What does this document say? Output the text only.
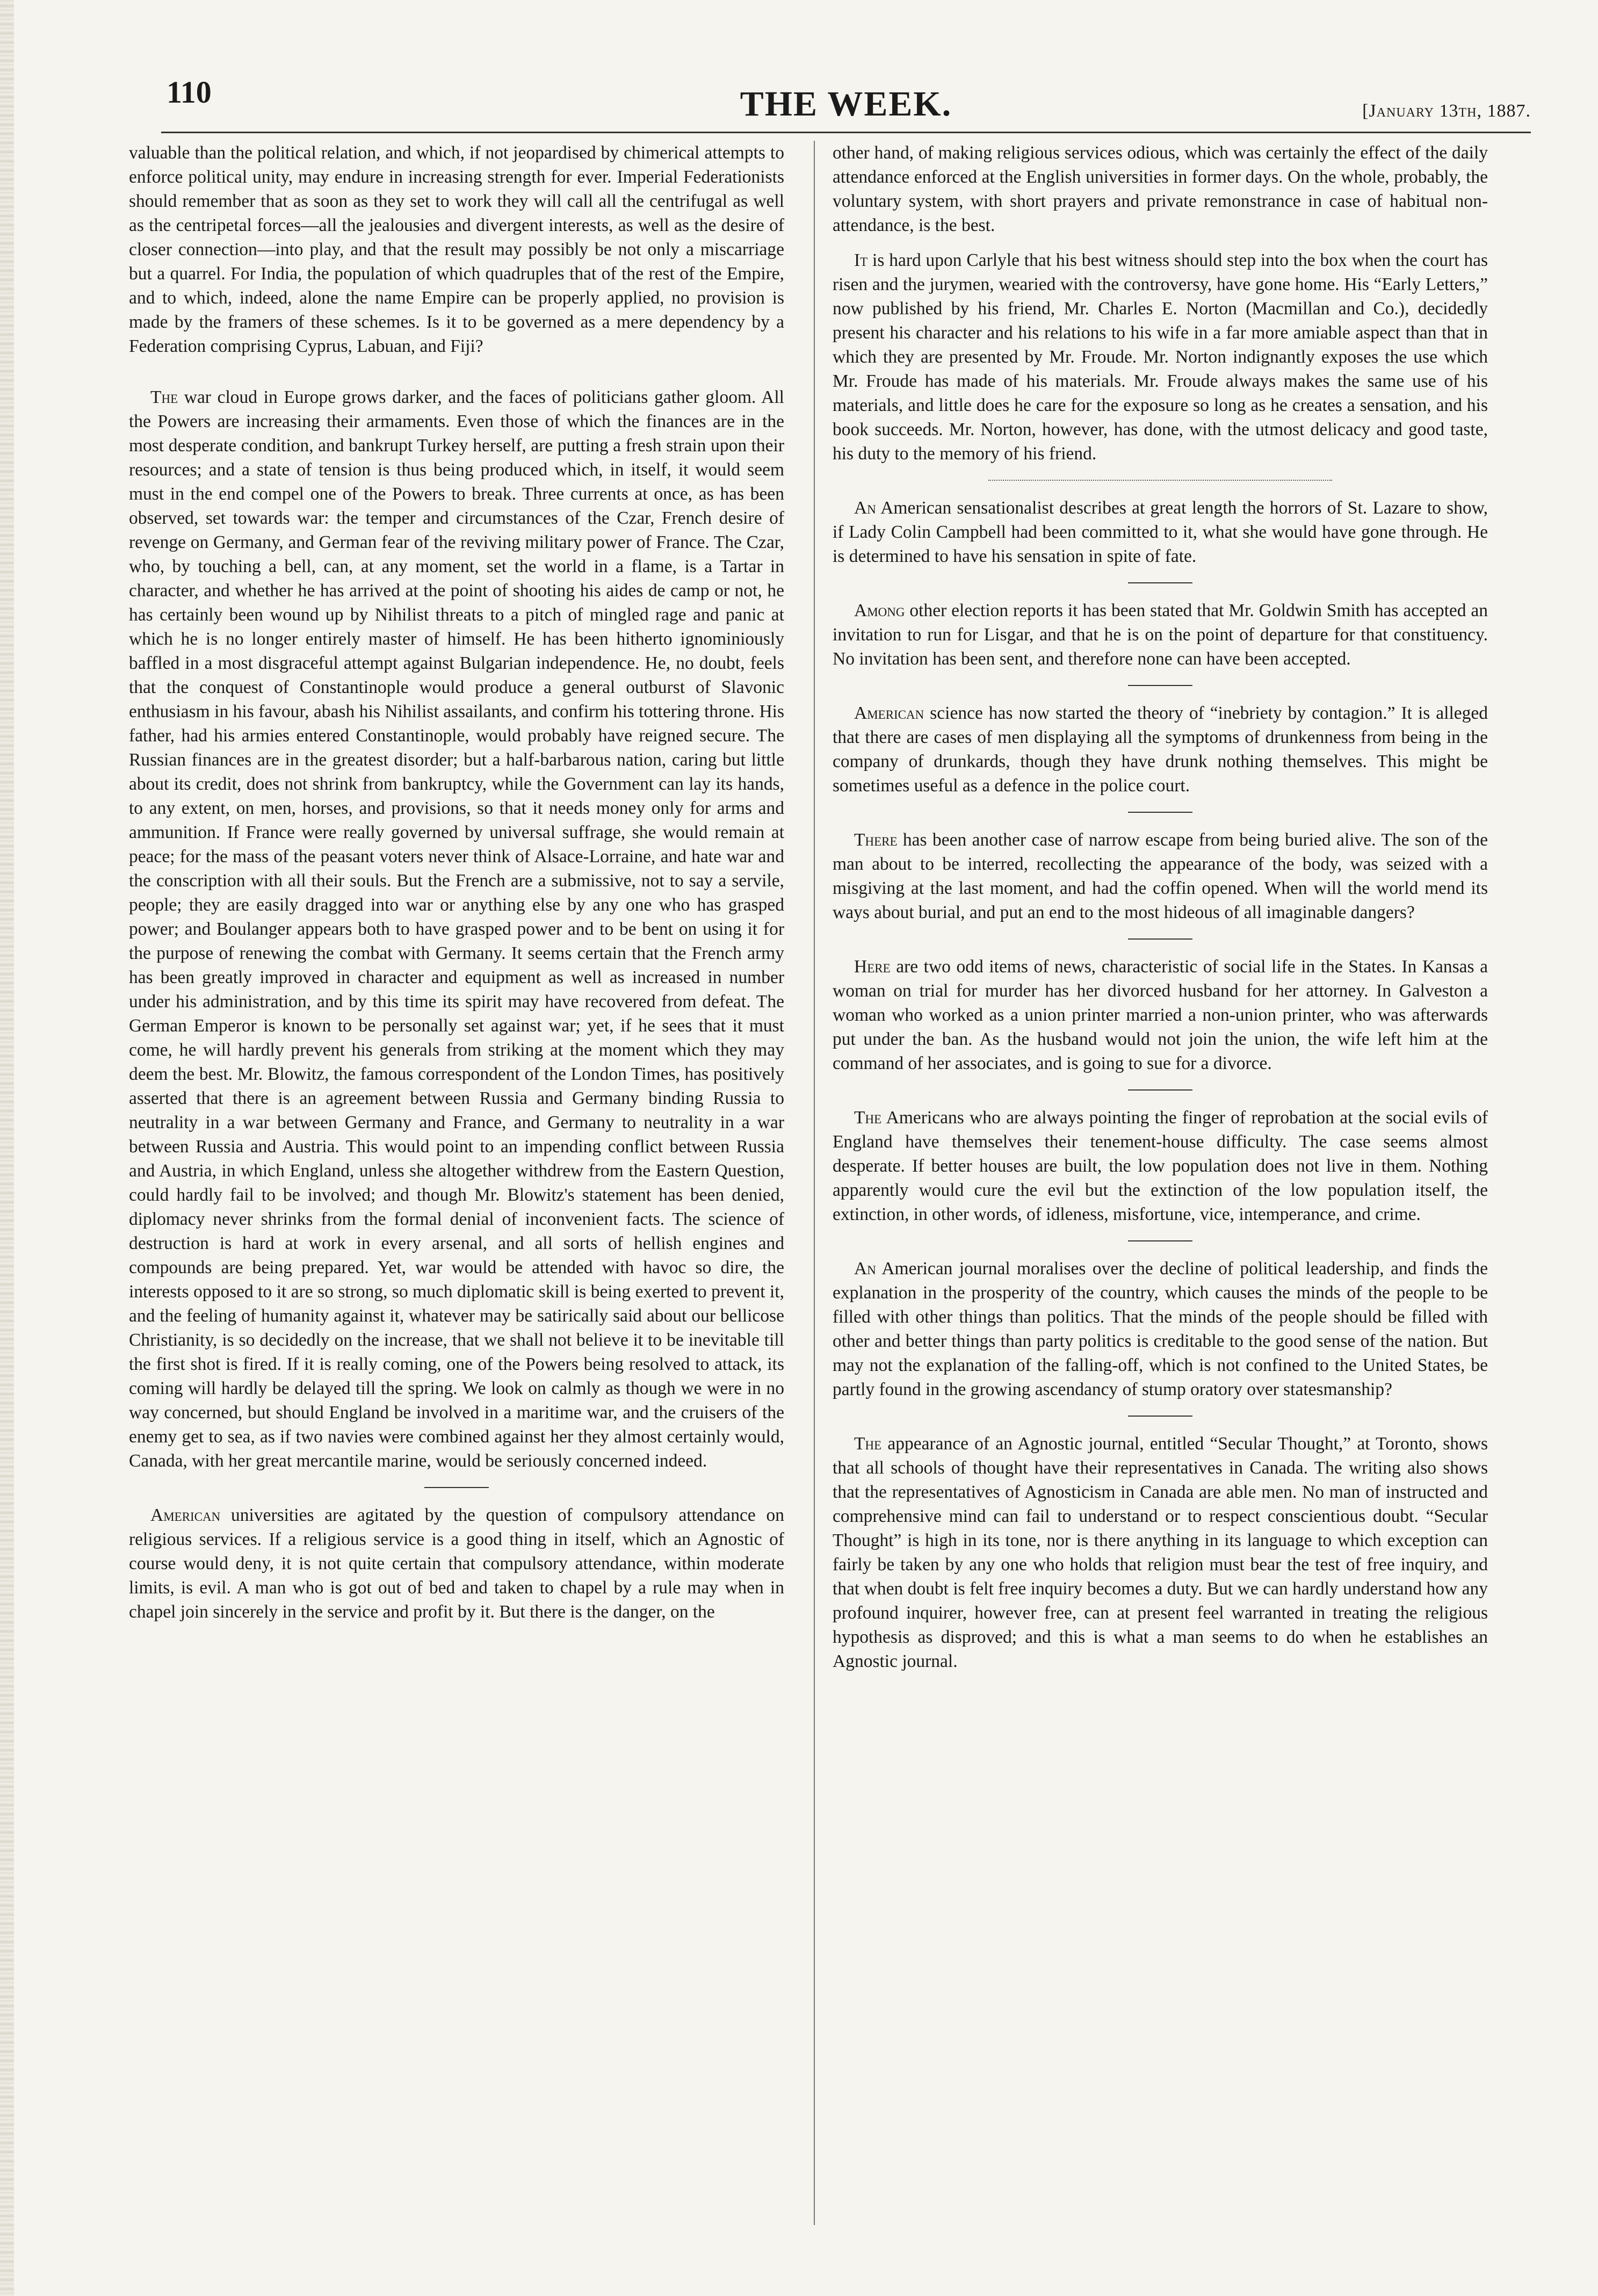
110	THE WEEK.	[January 13th, 1887.

valuable than the political relation, and which, if not jeopardised by chimerical attempts to enforce political unity, may endure in increasing strength for ever. Imperial Federationists should remember that as soon as they set to work they will call all the centrifugal as well as the centripetal forces—all the jealousies and divergent interests, as well as the desire of closer connection—into play, and that the result may possibly be not only a miscarriage but a quarrel. For India, the population of which quadruples that of the rest of the Empire, and to which, indeed, alone the name Empire can be properly applied, no provision is made by the framers of these schemes. Is it to be governed as a mere dependency by a Federation comprising Cyprus, Labuan, and Fiji?

The war cloud in Europe grows darker, and the faces of politicians gather gloom. All the Powers are increasing their armaments. Even those of which the finances are in the most desperate condition, and bankrupt Turkey herself, are putting a fresh strain upon their resources; and a state of tension is thus being produced which, in itself, it would seem must in the end compel one of the Powers to break. Three currents at once, as has been observed, set towards war: the temper and circumstances of the Czar, French desire of revenge on Germany, and German fear of the reviving military power of France. The Czar, who, by touching a bell, can, at any moment, set the world in a flame, is a Tartar in character, and whether he has arrived at the point of shooting his aides de camp or not, he has certainly been wound up by Nihilist threats to a pitch of mingled rage and panic at which he is no longer entirely master of himself. He has been hitherto ignominiously baffled in a most disgraceful attempt against Bulgarian independence. He, no doubt, feels that the conquest of Constantinople would produce a general outburst of Slavonic enthusiasm in his favour, abash his Nihilist assailants, and confirm his tottering throne. His father, had his armies entered Constantinople, would probably have reigned secure. The Russian finances are in the greatest disorder; but a half-barbarous nation, caring but little about its credit, does not shrink from bankruptcy, while the Government can lay its hands, to any extent, on men, horses, and provisions, so that it needs money only for arms and ammunition. If France were really governed by universal suffrage, she would remain at peace; for the mass of the peasant voters never think of Alsace-Lorraine, and hate war and the conscription with all their souls. But the French are a submissive, not to say a servile, people; they are easily dragged into war or anything else by any one who has grasped power; and Boulanger appears both to have grasped power and to be bent on using it for the purpose of renewing the combat with Germany. It seems certain that the French army has been greatly improved in character and equipment as well as increased in number under his administration, and by this time its spirit may have recovered from defeat. The German Emperor is known to be personally set against war; yet, if he sees that it must come, he will hardly prevent his generals from striking at the moment which they may deem the best. Mr. Blowitz, the famous correspondent of the London Times, has positively asserted that there is an agreement between Russia and Germany binding Russia to neutrality in a war between Germany and France, and Germany to neutrality in a war between Russia and Austria. This would point to an impending conflict between Russia and Austria, in which England, unless she altogether withdrew from the Eastern Question, could hardly fail to be involved; and though Mr. Blowitz's statement has been denied, diplomacy never shrinks from the formal denial of inconvenient facts. The science of destruction is hard at work in every arsenal, and all sorts of hellish engines and compounds are being prepared. Yet, war would be attended with havoc so dire, the interests opposed to it are so strong, so much diplomatic skill is being exerted to prevent it, and the feeling of humanity against it, whatever may be satirically said about our bellicose Christianity, is so decidedly on the increase, that we shall not believe it to be inevitable till the first shot is fired. If it is really coming, one of the Powers being resolved to attack, its coming will hardly be delayed till the spring. We look on calmly as though we were in no way concerned, but should England be involved in a maritime war, and the cruisers of the enemy get to sea, as if two navies were combined against her they almost certainly would, Canada, with her great mercantile marine, would be seriously concerned indeed.

American universities are agitated by the question of compulsory attendance on religious services. If a religious service is a good thing in itself, which an Agnostic of course would deny, it is not quite certain that compulsory attendance, within moderate limits, is evil. A man who is got out of bed and taken to chapel by a rule may when in chapel join sincerely in the service and profit by it. But there is the danger, on the

other hand, of making religious services odious, which was certainly the effect of the daily attendance enforced at the English universities in former days. On the whole, probably, the voluntary system, with short prayers and private remonstrance in case of habitual non-attendance, is the best.

It is hard upon Carlyle that his best witness should step into the box when the court has risen and the jurymen, wearied with the controversy, have gone home. His “Early Letters,” now published by his friend, Mr. Charles E. Norton (Macmillan and Co.), decidedly present his character and his relations to his wife in a far more amiable aspect than that in which they are presented by Mr. Froude. Mr. Norton indignantly exposes the use which Mr. Froude has made of his materials. Mr. Froude always makes the same use of his materials, and little does he care for the exposure so long as he creates a sensation, and his book succeeds. Mr. Norton, however, has done, with the utmost delicacy and good taste, his duty to the memory of his friend.

An American sensationalist describes at great length the horrors of St. Lazare to show, if Lady Colin Campbell had been committed to it, what she would have gone through. He is determined to have his sensation in spite of fate.

Among other election reports it has been stated that Mr. Goldwin Smith has accepted an invitation to run for Lisgar, and that he is on the point of departure for that constituency. No invitation has been sent, and therefore none can have been accepted.

American science has now started the theory of “inebriety by contagion.” It is alleged that there are cases of men displaying all the symptoms of drunkenness from being in the company of drunkards, though they have drunk nothing themselves. This might be sometimes useful as a defence in the police court.

There has been another case of narrow escape from being buried alive. The son of the man about to be interred, recollecting the appearance of the body, was seized with a misgiving at the last moment, and had the coffin opened. When will the world mend its ways about burial, and put an end to the most hideous of all imaginable dangers?

Here are two odd items of news, characteristic of social life in the States. In Kansas a woman on trial for murder has her divorced husband for her attorney. In Galveston a woman who worked as a union printer married a non-union printer, who was afterwards put under the ban. As the husband would not join the union, the wife left him at the command of her associates, and is going to sue for a divorce.

The Americans who are always pointing the finger of reprobation at the social evils of England have themselves their tenement-house difficulty. The case seems almost desperate. If better houses are built, the low population does not live in them. Nothing apparently would cure the evil but the extinction of the low population itself, the extinction, in other words, of idleness, misfortune, vice, intemperance, and crime.

An American journal moralises over the decline of political leadership, and finds the explanation in the prosperity of the country, which causes the minds of the people to be filled with other things than politics. That the minds of the people should be filled with other and better things than party politics is creditable to the good sense of the nation. But may not the explanation of the falling-off, which is not confined to the United States, be partly found in the growing ascendancy of stump oratory over statesmanship?

The appearance of an Agnostic journal, entitled “Secular Thought,” at Toronto, shows that all schools of thought have their representatives in Canada. The writing also shows that the representatives of Agnosticism in Canada are able men. No man of instructed and comprehensive mind can fail to understand or to respect conscientious doubt. “Secular Thought” is high in its tone, nor is there anything in its language to which exception can fairly be taken by any one who holds that religion must bear the test of free inquiry, and that when doubt is felt free inquiry becomes a duty. But we can hardly understand how any profound inquirer, however free, can at present feel warranted in treating the religious hypothesis as disproved; and this is what a man seems to do when he establishes an Agnostic journal.
